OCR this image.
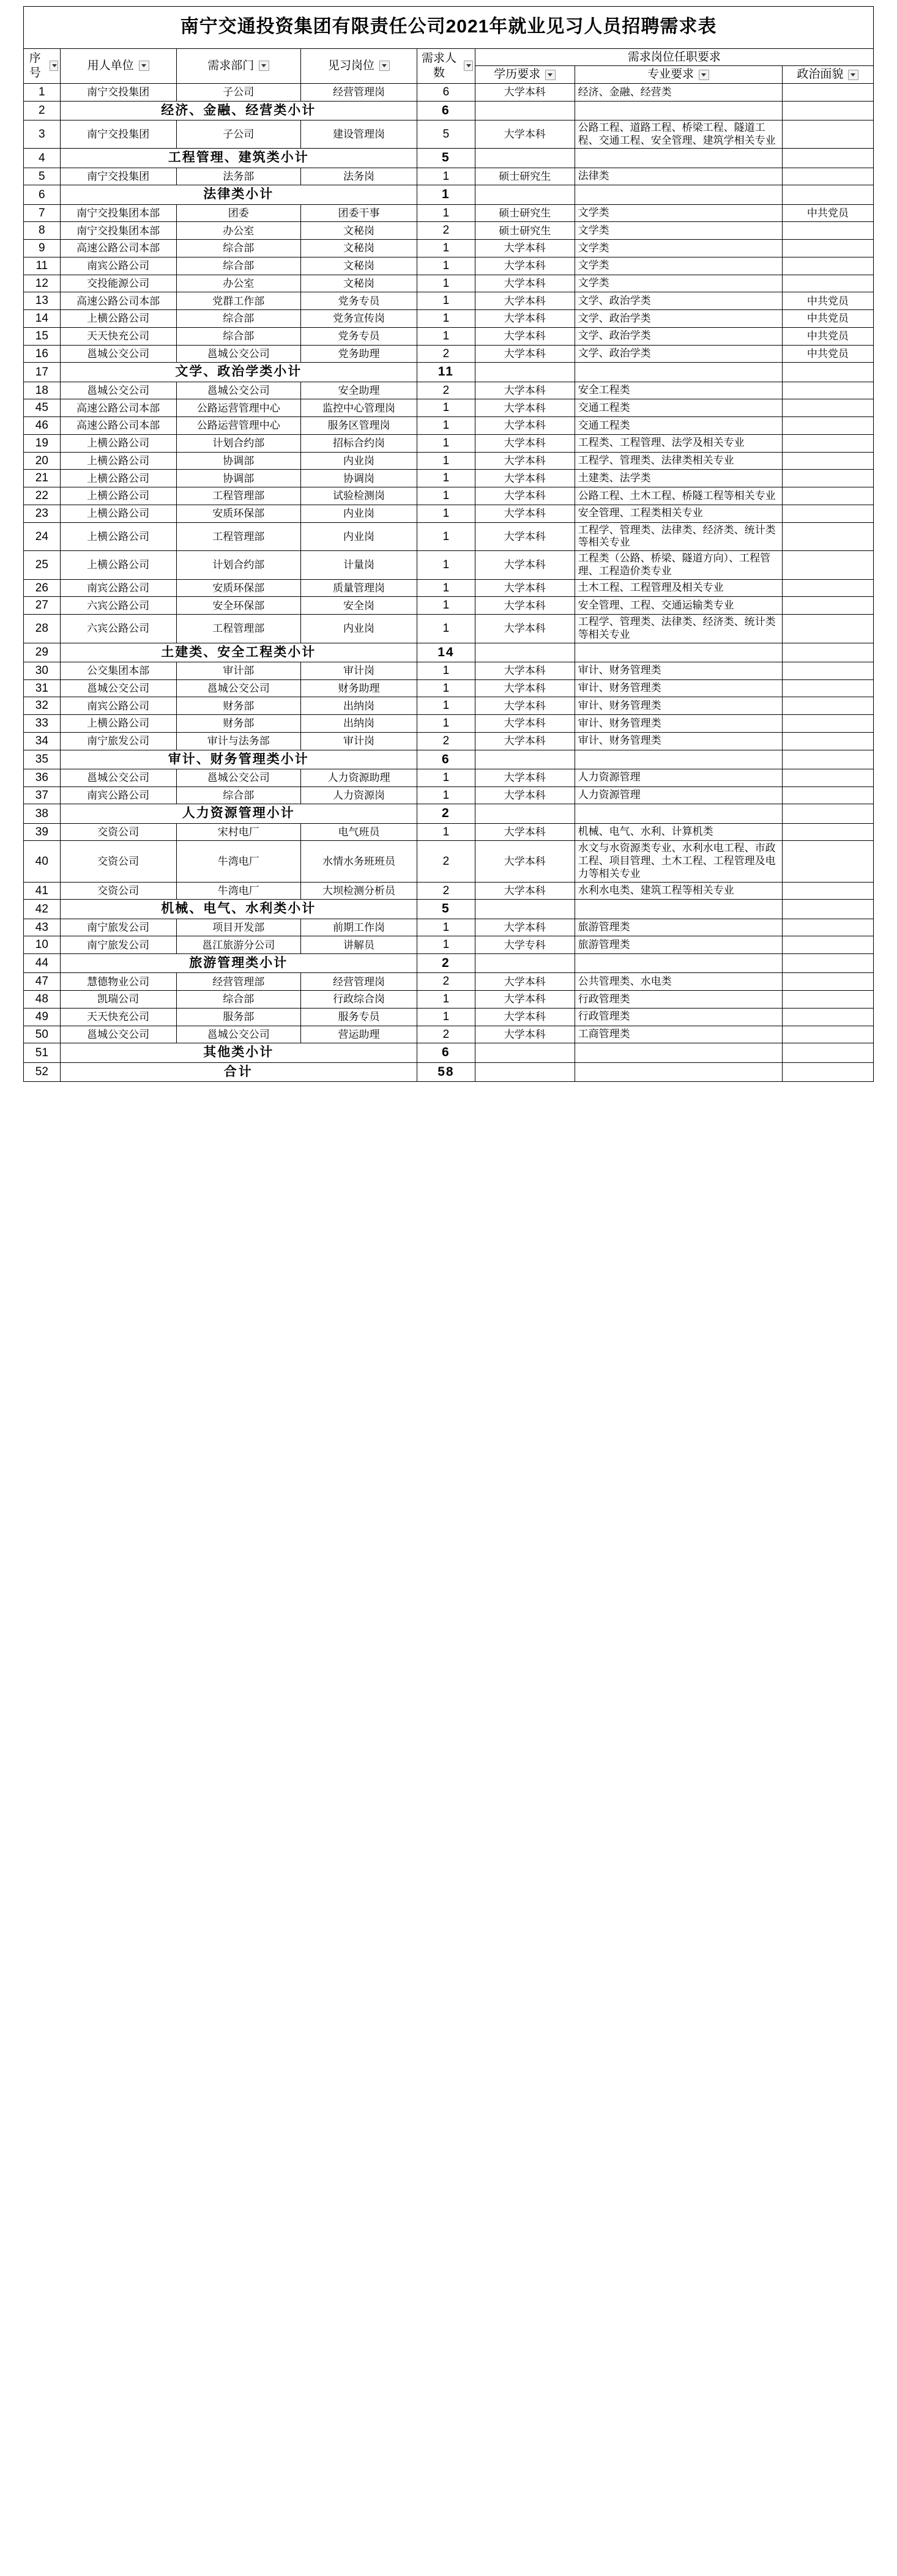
南宁交通投资集团有限责任公司2021年就业见习人员招聘需求表							

序号	用人单位	需求部门	见习岗位	需求人数	需求岗位任职要求		

					学历要求	专业要求	政治面貌

1	南宁交投集团	子公司	经营管理岗	6	大学本科	经济、金融、经营类	
2	经济、金融、经营类小计			6			
3	南宁交投集团	子公司	建设管理岗	5	大学本科	公路工程、道路工程、桥梁工程、隧道工程、交通工程、安全管理、建筑学相关专业	
4	工程管理、建筑类小计			5			
5	南宁交投集团	法务部	法务岗	1	硕士研究生	法律类	
6	法律类小计			1			
7	南宁交投集团本部	团委	团委干事	1	硕士研究生	文学类	中共党员
8	南宁交投集团本部	办公室	文秘岗	2	硕士研究生	文学类	
9	高速公路公司本部	综合部	文秘岗	1	大学本科	文学类	
11	南宾公路公司	综合部	文秘岗	1	大学本科	文学类	
12	交投能源公司	办公室	文秘岗	1	大学本科	文学类	
13	高速公路公司本部	党群工作部	党务专员	1	大学本科	文学、政治学类	中共党员
14	上横公路公司	综合部	党务宣传岗	1	大学本科	文学、政治学类	中共党员
15	天天快充公司	综合部	党务专员	1	大学本科	文学、政治学类	中共党员
16	邕城公交公司	邕城公交公司	党务助理	2	大学本科	文学、政治学类	中共党员
17	文学、政治学类小计			11			
18	邕城公交公司	邕城公交公司	安全助理	2	大学本科	安全工程类	
45	高速公路公司本部	公路运营管理中心	监控中心管理岗	1	大学本科	交通工程类	
46	高速公路公司本部	公路运营管理中心	服务区管理岗	1	大学本科	交通工程类	
19	上横公路公司	计划合约部	招标合约岗	1	大学本科	工程类、工程管理、法学及相关专业	
20	上横公路公司	协调部	内业岗	1	大学本科	工程学、管理类、法律类相关专业	
21	上横公路公司	协调部	协调岗	1	大学本科	土建类、法学类	
22	上横公路公司	工程管理部	试验检测岗	1	大学本科	公路工程、土木工程、桥隧工程等相关专业	
23	上横公路公司	安质环保部	内业岗	1	大学本科	安全管理、工程类相关专业	
24	上横公路公司	工程管理部	内业岗	1	大学本科	工程学、管理类、法律类、经济类、统计类等相关专业	
25	上横公路公司	计划合约部	计量岗	1	大学本科	工程类（公路、桥梁、隧道方向）、工程管理、工程造价类专业	
26	南宾公路公司	安质环保部	质量管理岗	1	大学本科	土木工程、工程管理及相关专业	
27	六宾公路公司	安全环保部	安全岗	1	大学本科	安全管理、工程、交通运输类专业	
28	六宾公路公司	工程管理部	内业岗	1	大学本科	工程学、管理类、法律类、经济类、统计类等相关专业	
29	土建类、安全工程类小计			14			
30	公交集团本部	审计部	审计岗	1	大学本科	审计、财务管理类	
31	邕城公交公司	邕城公交公司	财务助理	1	大学本科	审计、财务管理类	
32	南宾公路公司	财务部	出纳岗	1	大学本科	审计、财务管理类	
33	上横公路公司	财务部	出纳岗	1	大学本科	审计、财务管理类	
34	南宁旅发公司	审计与法务部	审计岗	2	大学本科	审计、财务管理类	
35	审计、财务管理类小计			6			
36	邕城公交公司	邕城公交公司	人力资源助理	1	大学本科	人力资源管理	
37	南宾公路公司	综合部	人力资源岗	1	大学本科	人力资源管理	
38	人力资源管理小计			2			
39	交资公司	宋村电厂	电气班员	1	大学本科	机械、电气、水利、计算机类	
40	交资公司	牛湾电厂	水情水务班班员	2	大学本科	水文与水资源类专业、水利水电工程、市政工程、项目管理、土木工程、工程管理及电力等相关专业	
41	交资公司	牛湾电厂	大坝检测分析员	2	大学本科	水利水电类、建筑工程等相关专业	
42	机械、电气、水利类小计			5			
43	南宁旅发公司	项目开发部	前期工作岗	1	大学本科	旅游管理类	
10	南宁旅发公司	邕江旅游分公司	讲解员	1	大学专科	旅游管理类	
44	旅游管理类小计			2			
47	慧德物业公司	经营管理部	经营管理岗	2	大学本科	公共管理类、水电类	
48	凯瑞公司	综合部	行政综合岗	1	大学本科	行政管理类	
49	天天快充公司	服务部	服务专员	1	大学本科	行政管理类	
50	邕城公交公司	邕城公交公司	营运助理	2	大学本科	工商管理类	
51	其他类小计			6			
52	合计			58			
